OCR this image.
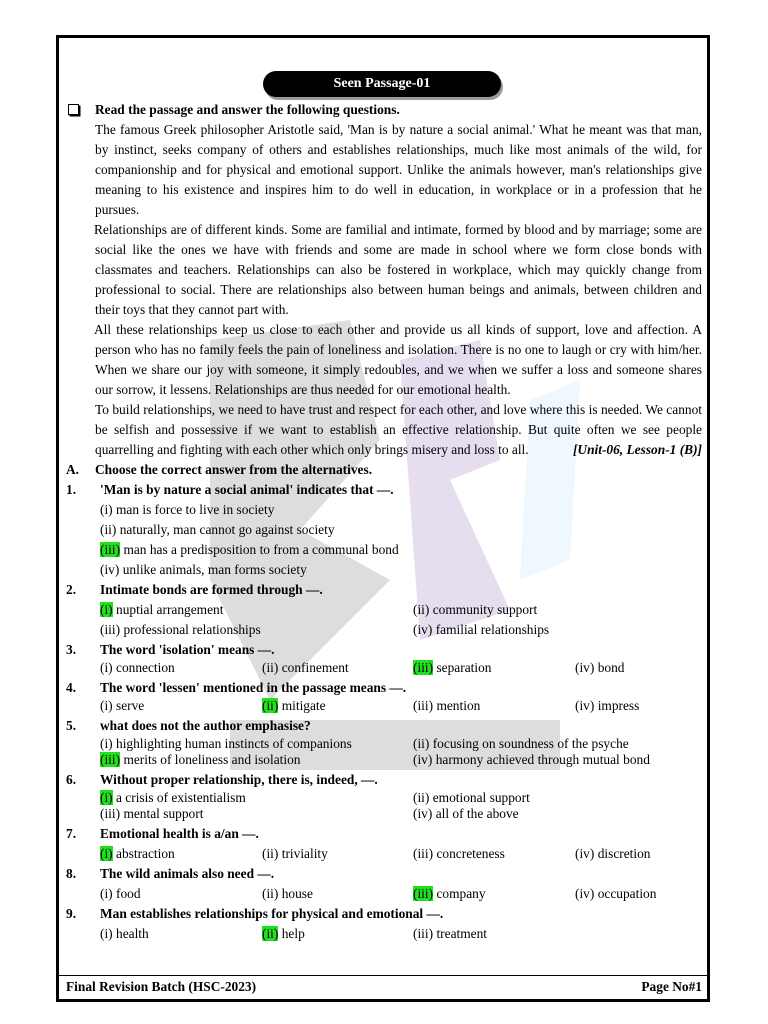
Seen Passage-01
Read the passage and answer the following questions.

The famous Greek philosopher Aristotle said, 'Man is by nature a social animal.' What he meant was that man, by instinct, seeks company of others and establishes relationships, much like most animals of the wild, for companionship and for physical and emotional support. Unlike the animals however, man's relationships give meaning to his existence and inspires him to do well in education, in workplace or in a profession that he pursues.

Relationships are of different kinds. Some are familial and intimate, formed by blood and by marriage; some are social like the ones we have with friends and some are made in school where we form close bonds with classmates and teachers. Relationships can also be fostered in workplace, which may quickly change from professional to social. There are relationships also between human beings and animals, between children and their toys that they cannot part with.

All these relationships keep us close to each other and provide us all kinds of support, love and affection. A person who has no family feels the pain of loneliness and isolation. There is no one to laugh or cry with him/her. When we share our joy with someone, it simply redoubles, and we when we suffer a loss and someone shares our sorrow, it lessens. Relationships are thus needed for our emotional health.

To build relationships, we need to have trust and respect for each other, and love where this is needed. We cannot be selfish and possessive if we want to establish an effective relationship. But quite often we see people quarrelling and fighting with each other which only brings misery and loss to all.	[Unit-06, Lesson-1 (B)]
A.	Choose the correct answer from the alternatives.
1.	'Man is by nature a social animal' indicates that ––.
(i) man is force to live in society
(ii) naturally, man cannot go against society
(iii) man has a predisposition to from a communal bond
(iv) unlike animals, man forms society
2.	Intimate bonds are formed through ––.
(i) nuptial arrangement	(ii) community support
(iii) professional relationships	(iv) familial relationships
3.	The word 'isolation' means ––.
(i) connection	(ii) confinement	(iii) separation	(iv) bond
4.	The word 'lessen' mentioned in the passage means ––.
(i) serve	(ii) mitigate	(iii) mention	(iv) impress
5.	what does not the author emphasise?
(i) highlighting human instincts of companions	(ii) focusing on soundness of the psyche
(iii) merits of loneliness and isolation	(iv) harmony achieved through mutual bond
6.	Without proper relationship, there is, indeed, ––.
(i) a crisis of existentialism	(ii) emotional support
(iii) mental support	(iv) all of the above
7.	Emotional health is a/an ––.
(i) abstraction	(ii) triviality	(iii) concreteness	(iv) discretion
8.	The wild animals also need ––.
(i) food	(ii) house	(iii) company	(iv) occupation
9.	Man establishes relationships for physical and emotional ––.
(i) health	(ii) help	(iii) treatment
Final Revision Batch (HSC-2023)	Page No#1
